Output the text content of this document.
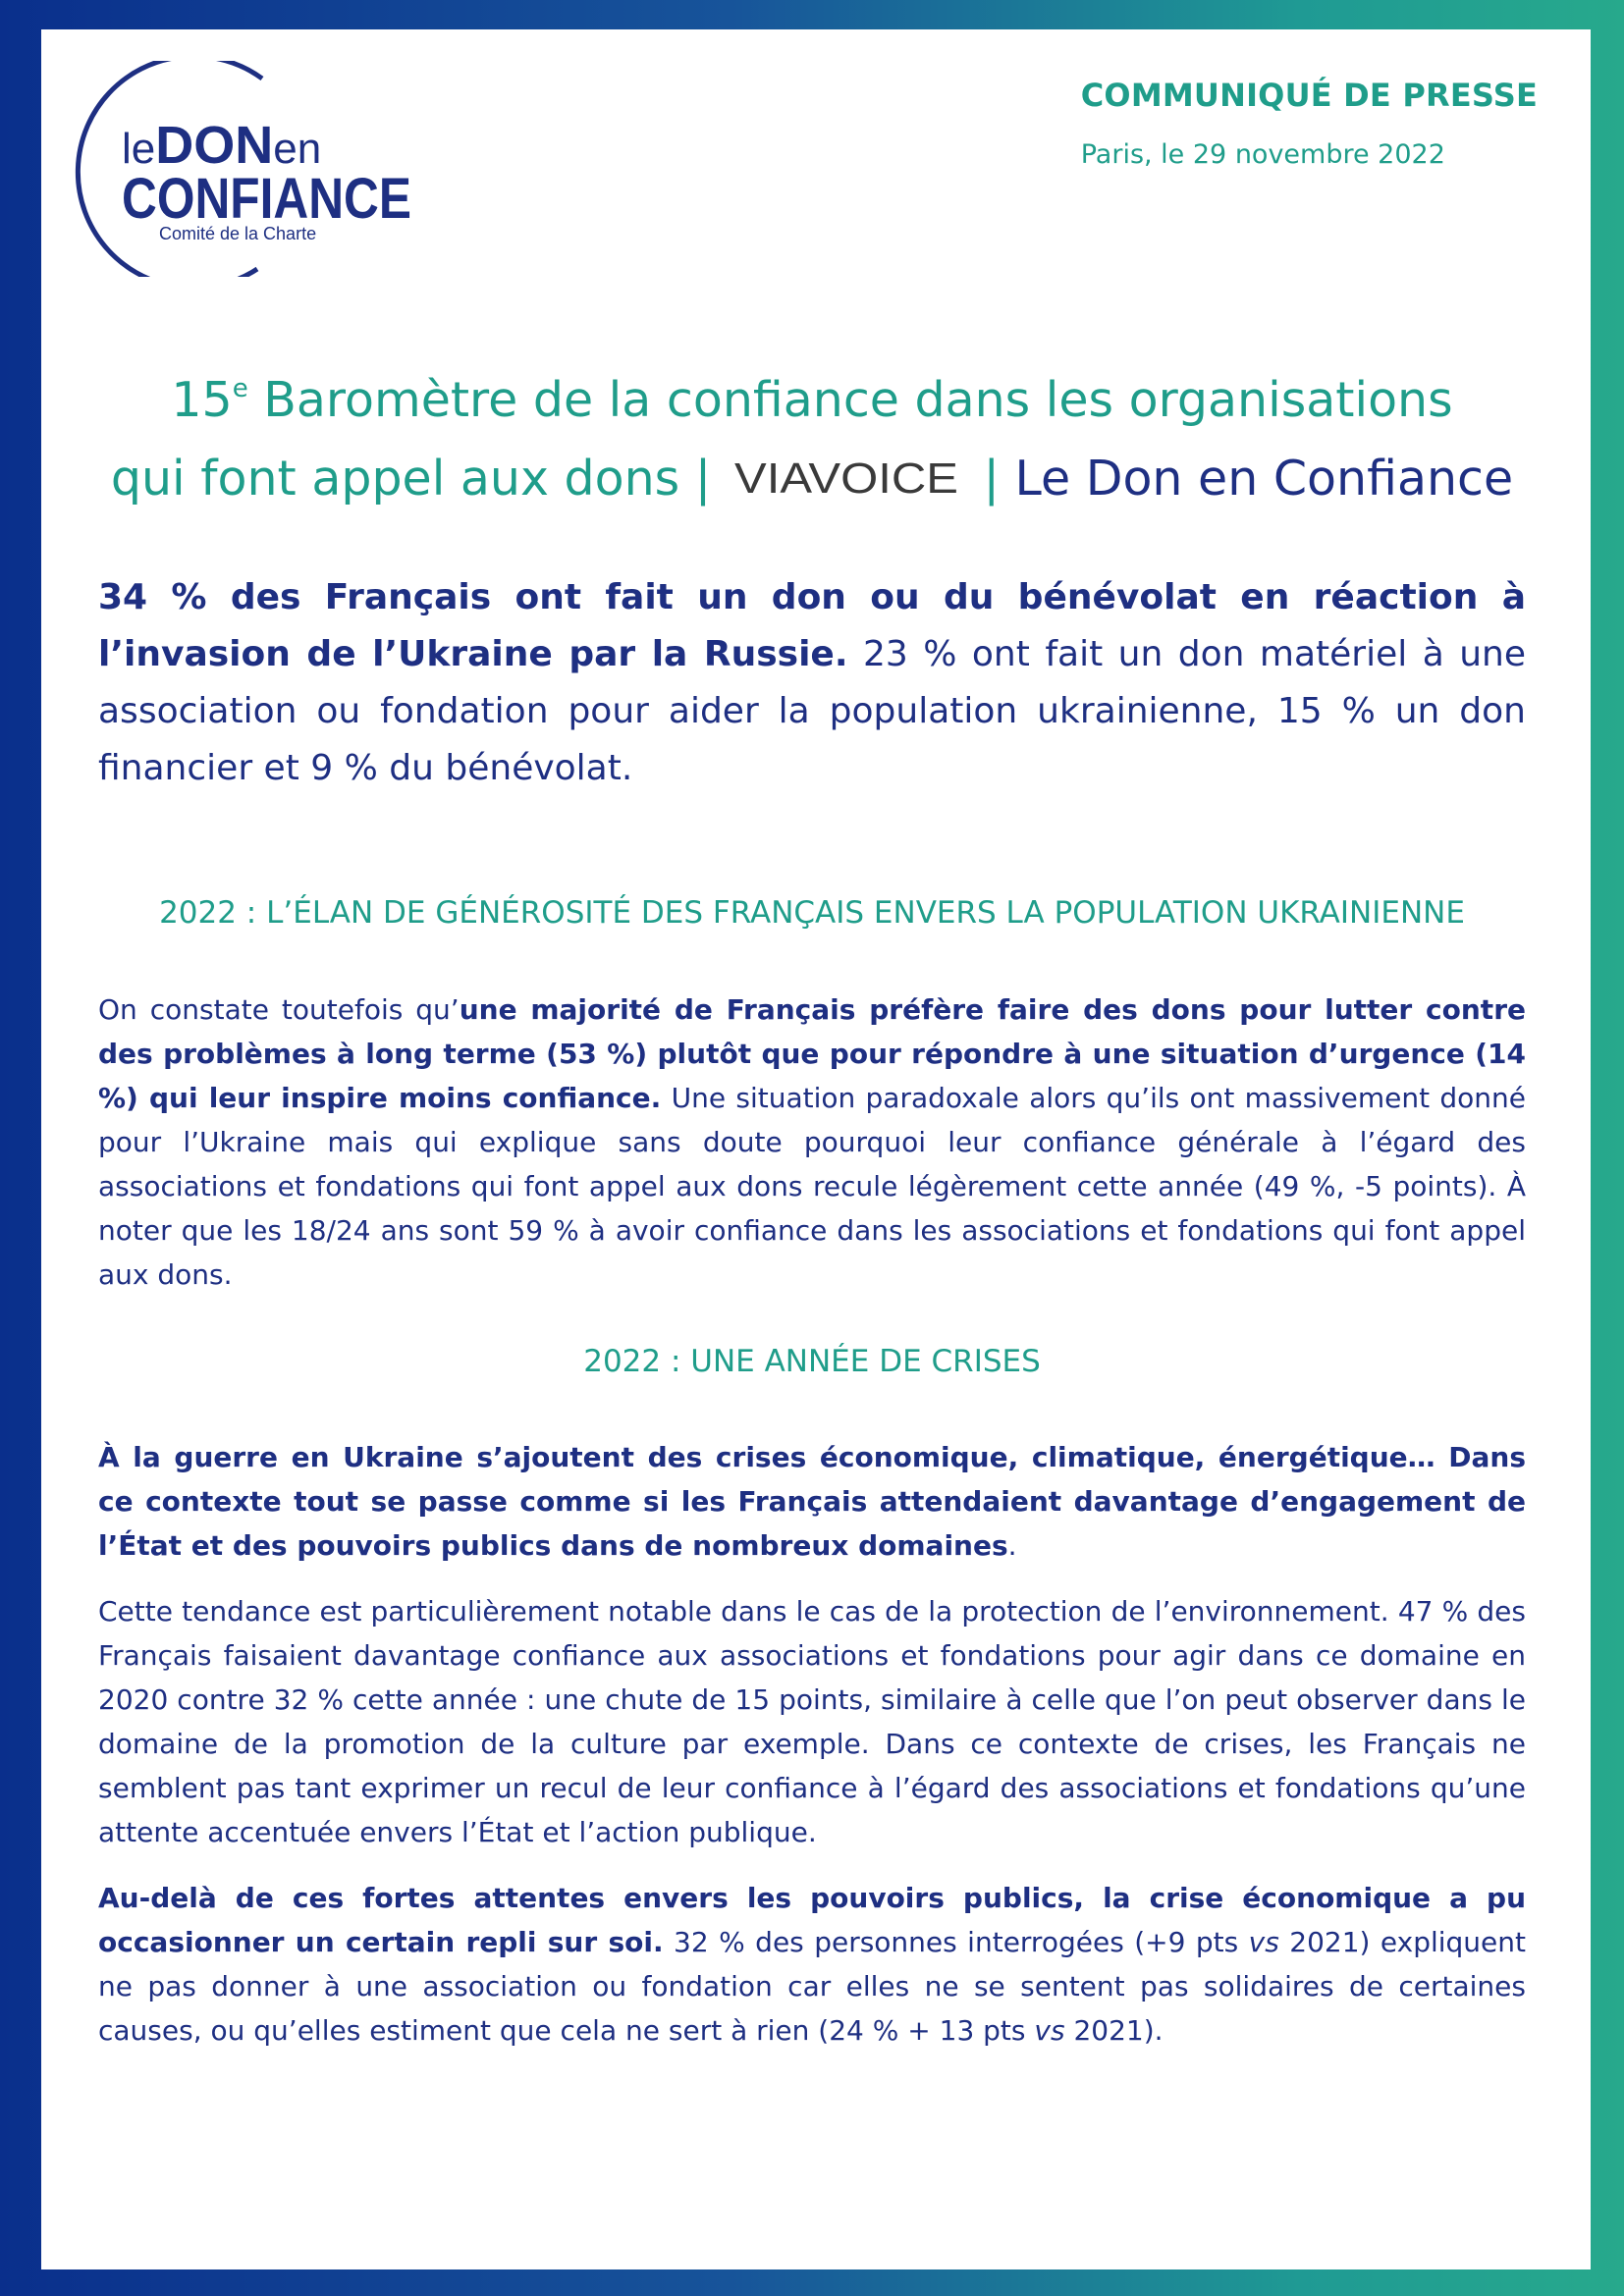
leDONen
CONFIANCE
Comité de la Charte
COMMUNIQUÉ DE PRESSE
Paris, le 29 novembre 2022
15e Baromètre de la confiance dans les organisations
qui font appel aux dons | VIAVOICE | Le Don en Confiance
34 % des Français ont fait un don ou du bénévolat en réaction à l’invasion de l’Ukraine par la Russie. 23 % ont fait un don matériel à une association ou fondation pour aider la population ukrainienne, 15 % un don financier et 9 % du bénévolat.
2022 : L’ÉLAN DE GÉNÉROSITÉ DES FRANÇAIS ENVERS LA POPULATION UKRAINIENNE

On constate toutefois qu’une majorité de Français préfère faire des dons pour lutter contre des problèmes à long terme (53 %) plutôt que pour répondre à une situation d’urgence (14 %) qui leur inspire moins confiance. Une situation paradoxale alors qu’ils ont massivement donné pour l’Ukraine mais qui explique sans doute pourquoi leur confiance générale à l’égard des associations et fondations qui font appel aux dons recule légèrement cette année (49 %, -5 points). À noter que les 18/24 ans sont 59 % à avoir confiance dans les associations et fondations qui font appel aux dons.

2022 : UNE ANNÉE DE CRISES

À la guerre en Ukraine s’ajoutent des crises économique, climatique, énergétique… Dans ce contexte tout se passe comme si les Français attendaient davantage d’engagement de l’État et des pouvoirs publics dans de nombreux domaines.

Cette tendance est particulièrement notable dans le cas de la protection de l’environnement. 47 % des Français faisaient davantage confiance aux associations et fondations pour agir dans ce domaine en 2020 contre 32 % cette année : une chute de 15 points, similaire à celle que l’on peut observer dans le domaine de la promotion de la culture par exemple. Dans ce contexte de crises, les Français ne semblent pas tant exprimer un recul de leur confiance à l’égard des associations et fondations qu’une attente accentuée envers l’État et l’action publique.

Au-delà de ces fortes attentes envers les pouvoirs publics, la crise économique a pu occasionner un certain repli sur soi. 32 % des personnes interrogées (+9 pts vs 2021) expliquent ne pas donner à une association ou fondation car elles ne se sentent pas solidaires de certaines causes, ou qu’elles estiment que cela ne sert à rien (24 % + 13 pts vs 2021).
